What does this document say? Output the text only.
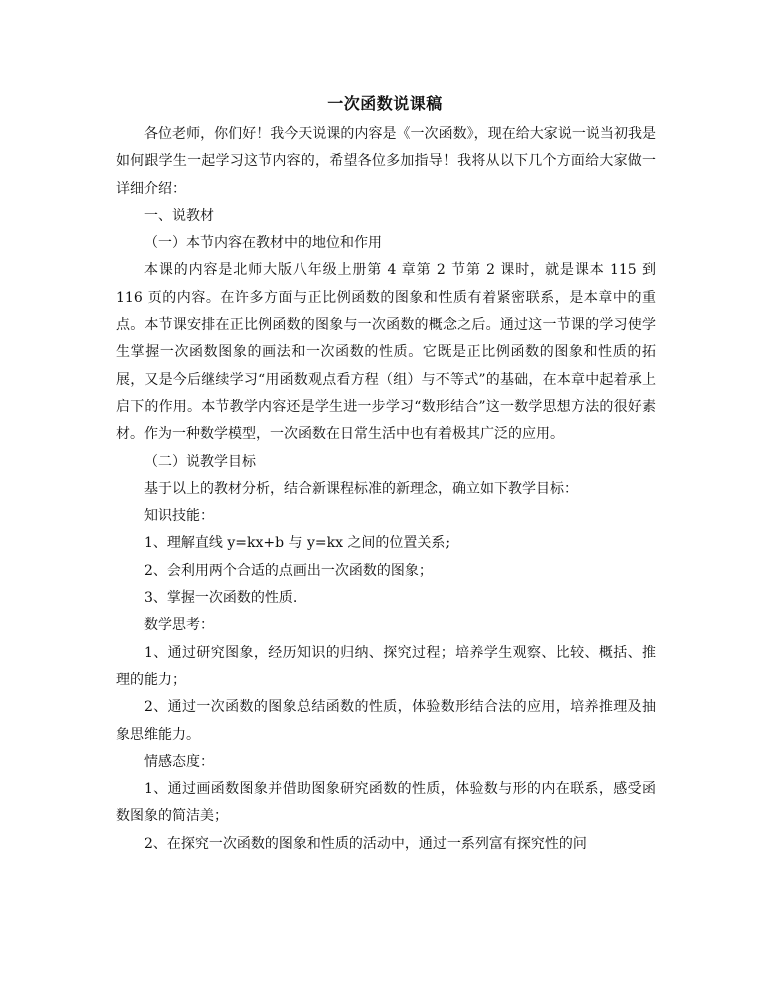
一次函数说课稿

各位老师，你们好！我今天说课的内容是《一次函数》，现在给大家说一说当初我是如何跟学生一起学习这节内容的，希望各位多加指导！我将从以下几个方面给大家做一详细介绍：

一、说教材

（一）本节内容在教材中的地位和作用

本课的内容是北师大版八年级上册第 4 章第 2 节第 2 课时，就是课本 115 到 116 页的内容。在许多方面与正比例函数的图象和性质有着紧密联系，是本章中的重点。本节课安排在正比例函数的图象与一次函数的概念之后。通过这一节课的学习使学生掌握一次函数图象的画法和一次函数的性质。它既是正比例函数的图象和性质的拓展，又是今后继续学习“用函数观点看方程（组）与不等式”的基础，在本章中起着承上启下的作用。本节教学内容还是学生进一步学习“数形结合”这一数学思想方法的很好素材。作为一种数学模型，一次函数在日常生活中也有着极其广泛的应用。

（二）说教学目标

基于以上的教材分析，结合新课程标准的新理念，确立如下教学目标：

知识技能：

1、理解直线 y=kx+b 与 y=kx 之间的位置关系;

2、会利用两个合适的点画出一次函数的图象；

3、掌握一次函数的性质.

数学思考：

1、通过研究图象，经历知识的归纳、探究过程；培养学生观察、比较、概括、推理的能力；

2、通过一次函数的图象总结函数的性质，体验数形结合法的应用，培养推理及抽象思维能力。

情感态度：

1、通过画函数图象并借助图象研究函数的性质，体验数与形的内在联系，感受函数图象的简洁美；

2、在探究一次函数的图象和性质的活动中，通过一系列富有探究性的问
